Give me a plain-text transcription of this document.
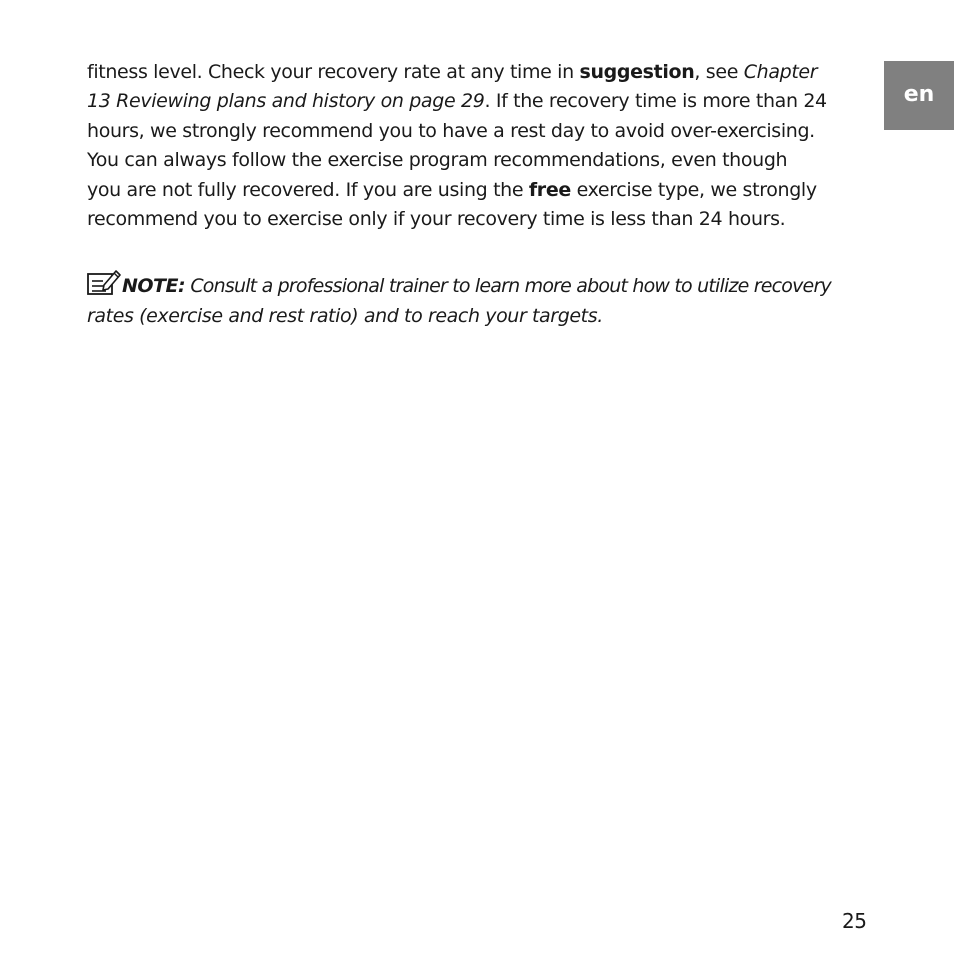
en

fitness level. Check your recovery rate at any time in suggestion, see Chapter
13 Reviewing plans and history on page 29. If the recovery time is more than 24
hours, we strongly recommend you to have a rest day to avoid over-exercising.
You can always follow the exercise program recommendations, even though
you are not fully recovered. If you are using the free exercise type, we strongly
recommend you to exercise only if your recovery time is less than 24 hours.

NOTE: Consult a professional trainer to learn more about how to utilize recovery
rates (exercise and rest ratio) and to reach your targets.

25
